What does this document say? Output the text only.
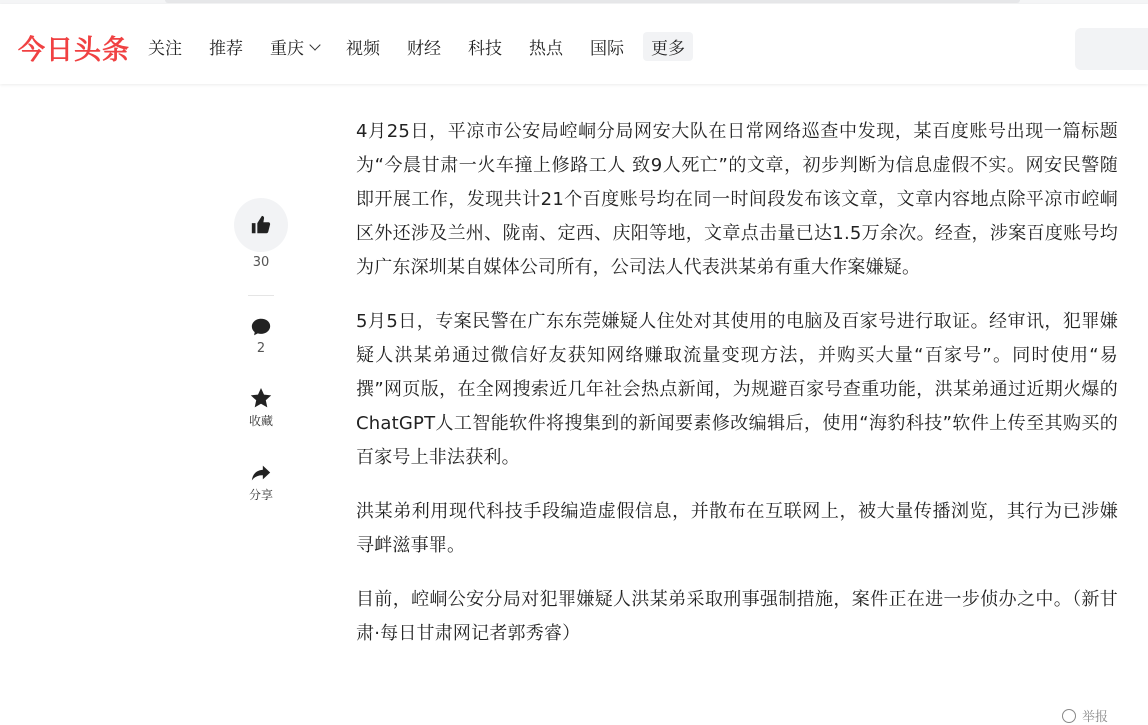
今日头条 关注 推荐 重庆 视频 财经 科技 热点 国际 更多
30
2
收藏
分享

4月25日，平凉市公安局崆峒分局网安大队在日常网络巡查中发现，某百度账号出现一篇标题为“今晨甘肃一火车撞上修路工人 致9人死亡”的文章，初步判断为信息虚假不实。网安民警随即开展工作，发现共计21个百度账号均在同一时间段发布该文章，文章内容地点除平凉市崆峒区外还涉及兰州、陇南、定西、庆阳等地，文章点击量已达1.5万余次。经查，涉案百度账号均为广东深圳某自媒体公司所有，公司法人代表洪某弟有重大作案嫌疑。

5月5日，专案民警在广东东莞嫌疑人住处对其使用的电脑及百家号进行取证。经审讯，犯罪嫌疑人洪某弟通过微信好友获知网络赚取流量变现方法，并购买大量“百家号”。同时使用“易撰”网页版，在全网搜索近几年社会热点新闻，为规避百家号查重功能，洪某弟通过近期火爆的ChatGPT人工智能软件将搜集到的新闻要素修改编辑后，使用“海豹科技”软件上传至其购买的百家号上非法获利。

洪某弟利用现代科技手段编造虚假信息，并散布在互联网上，被大量传播浏览，其行为已涉嫌寻衅滋事罪。

目前，崆峒公安分局对犯罪嫌疑人洪某弟采取刑事强制措施，案件正在进一步侦办之中。（新甘肃·每日甘肃网记者郭秀睿）

举报
